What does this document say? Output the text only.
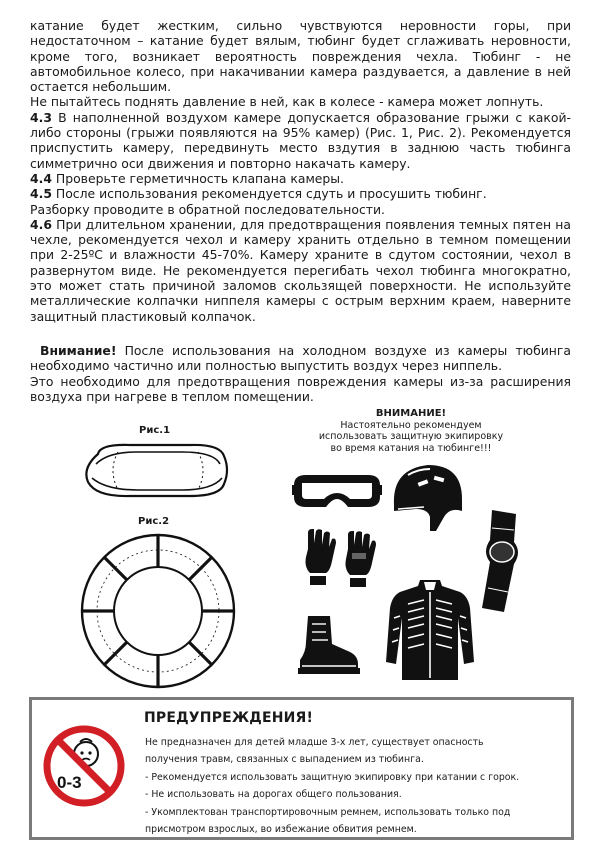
катание будет жестким, сильно чувствуются неровности горы, при недостаточном – катание будет вялым, тюбинг будет сглаживать неровности, кроме того, возникает вероятность повреждения чехла. Тюбинг - не автомобильное колесо, при накачивании камера раздувается, а давление в ней остается небольшим.

Не пытайтесь поднять давление в ней, как в колесе - камера может лопнуть.

4.3 В наполненной воздухом камере допускается образование грыжи с какой-либо стороны (грыжи появляются на 95% камер) (Рис. 1, Рис. 2). Рекомендуется приспустить камеру, передвинуть место вздутия в заднюю часть тюбинга симметрично оси движения и повторно накачать камеру.

4.4 Проверьте герметичность клапана камеры.

4.5 После использования рекомендуется сдуть и просушить тюбинг.

Разборку проводите в обратной последовательности.

4.6 При длительном хранении, для предотвращения появления темных пятен на чехле, рекомендуется чехол и камеру хранить отдельно в темном помещении при 2-25ºС и влажности 45-70%. Камеру храните в сдутом состоянии, чехол в развернутом виде. Не рекомендуется перегибать чехол тюбинга многократно, это может стать причиной заломов скользящей поверхности. Не используйте металлические колпачки ниппеля камеры с острым верхним краем, наверните защитный пластиковый колпачок.

Внимание! После использования на холодном воздухе из камеры тюбинга необходимо частично или полностью выпустить воздух через ниппель.

Это необходимо для предотвращения повреждения камеры из-за расширения воздуха при нагреве в теплом помещении.

Рис.1
Рис.2
ВНИМАНИЕ!
Настоятельно рекомендуем
использовать защитную экипировку
во время катания на тюбинге!!!
0-3
ПРЕДУПРЕЖДЕНИЯ!
Не предназначен для детей младше 3-х лет, существует опасность
получения травм, связанных с выпадением из тюбинга.
- Рекомендуется использовать защитную экипировку при катании с горок.
- Не использовать на дорогах общего пользования.
- Укомплектован транспортировочным ремнем, использовать только под
присмотром взрослых, во избежание обвития ремнем.
